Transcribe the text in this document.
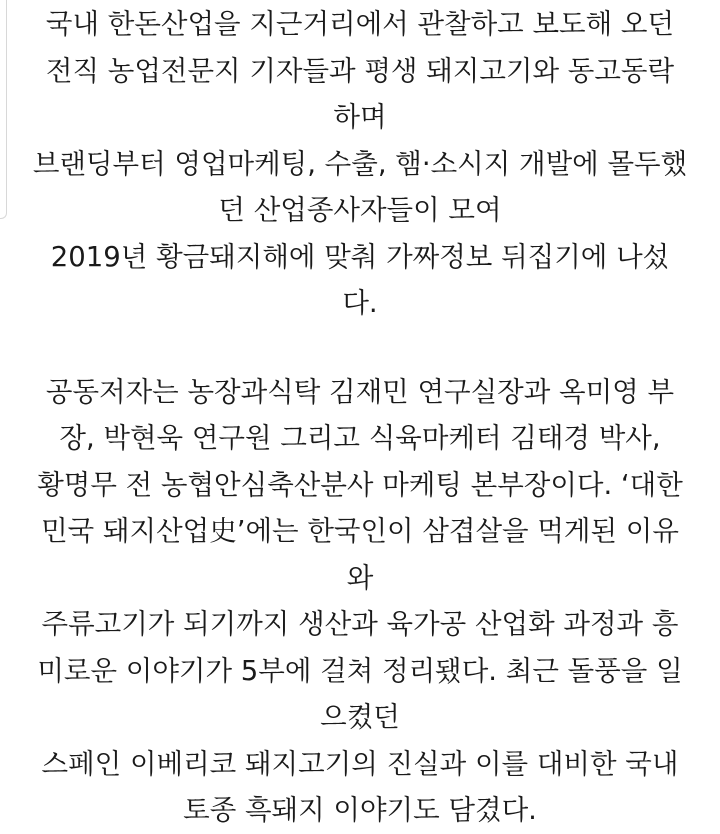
국내 한돈산업을 지근거리에서 관찰하고 보도해 오던
전직 농업전문지 기자들과 평생 돼지고기와 동고동락
하며
브랜딩부터 영업마케팅, 수출, 햄·소시지 개발에 몰두했
던 산업종사자들이 모여
2019년 황금돼지해에 맞춰 가짜정보 뒤집기에 나섰
다.
공동저자는 농장과식탁 김재민 연구실장과 옥미영 부
장, 박현욱 연구원 그리고 식육마케터 김태경 박사,
황명무 전 농협안심축산분사 마케팅 본부장이다. ‘대한
민국 돼지산업史’에는 한국인이 삼겹살을 먹게된 이유
와
주류고기가 되기까지 생산과 육가공 산업화 과정과 흥
미로운 이야기가 5부에 걸쳐 정리됐다. 최근 돌풍을 일
으켰던
스페인 이베리코 돼지고기의 진실과 이를 대비한 국내
토종 흑돼지 이야기도 담겼다.
